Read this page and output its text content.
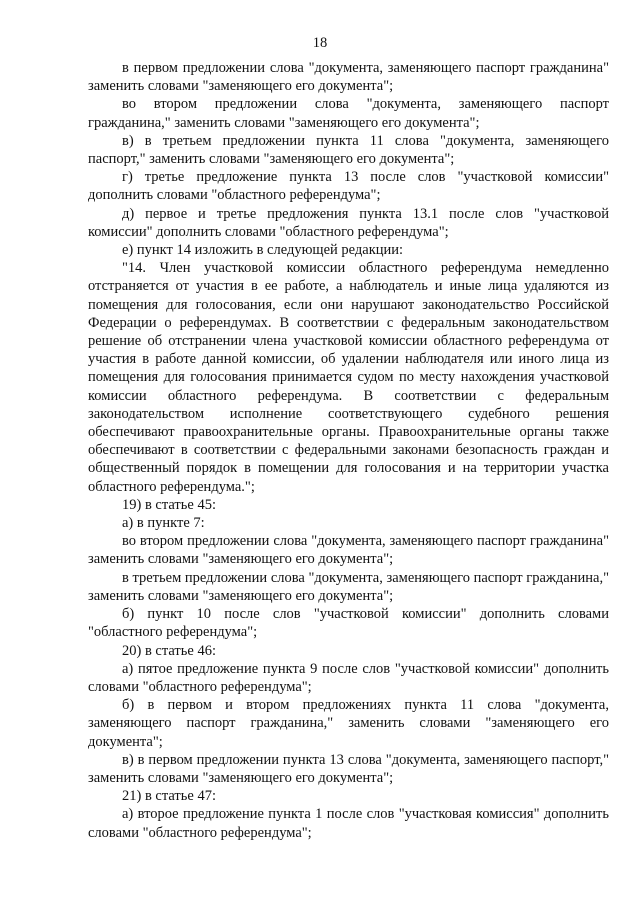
18

в первом предложении слова "документа, заменяющего паспорт гражданина" заменить словами "заменяющего его документа";

во втором предложении слова "документа, заменяющего паспорт гражданина," заменить словами "заменяющего его документа";

в) в третьем предложении пункта 11 слова "документа, заменяющего паспорт," заменить словами "заменяющего его документа";

г) третье предложение пункта 13 после слов "участковой комиссии" дополнить словами "областного референдума";

д) первое и третье предложения пункта 13.1 после слов "участковой комиссии" дополнить словами "областного референдума";

е) пункт 14 изложить в следующей редакции:

"14. Член участковой комиссии областного референдума немедленно отстраняется от участия в ее работе, а наблюдатель и иные лица удаляются из помещения для голосования, если они нарушают законодательство Российской Федерации о референдумах. В соответствии с федеральным законодательством решение об отстранении члена участковой комиссии областного референдума от участия в работе данной комиссии, об удалении наблюдателя или иного лица из помещения для голосования принимается судом по месту нахождения участковой комиссии областного референдума. В соответствии с федеральным законодательством исполнение соответствующего судебного решения обеспечивают правоохранительные органы. Правоохранительные органы также обеспечивают в соответствии с федеральными законами безопасность граждан и общественный порядок в помещении для голосования и на территории участка областного референдума.";

19) в статье 45:

а) в пункте 7:

во втором предложении слова "документа, заменяющего паспорт гражданина" заменить словами "заменяющего его документа";

в третьем предложении слова "документа, заменяющего паспорт гражданина," заменить словами "заменяющего его документа";

б) пункт 10 после слов "участковой комиссии" дополнить словами "областного референдума";

20) в статье 46:

а) пятое предложение пункта 9 после слов "участковой комиссии" дополнить словами "областного референдума";

б) в первом и втором предложениях пункта 11 слова "документа, заменяющего паспорт гражданина," заменить словами "заменяющего его документа";

в) в первом предложении пункта 13 слова "документа, заменяющего паспорт," заменить словами "заменяющего его документа";

21) в статье 47:

а) второе предложение пункта 1 после слов "участковая комиссия" дополнить словами "областного референдума";
